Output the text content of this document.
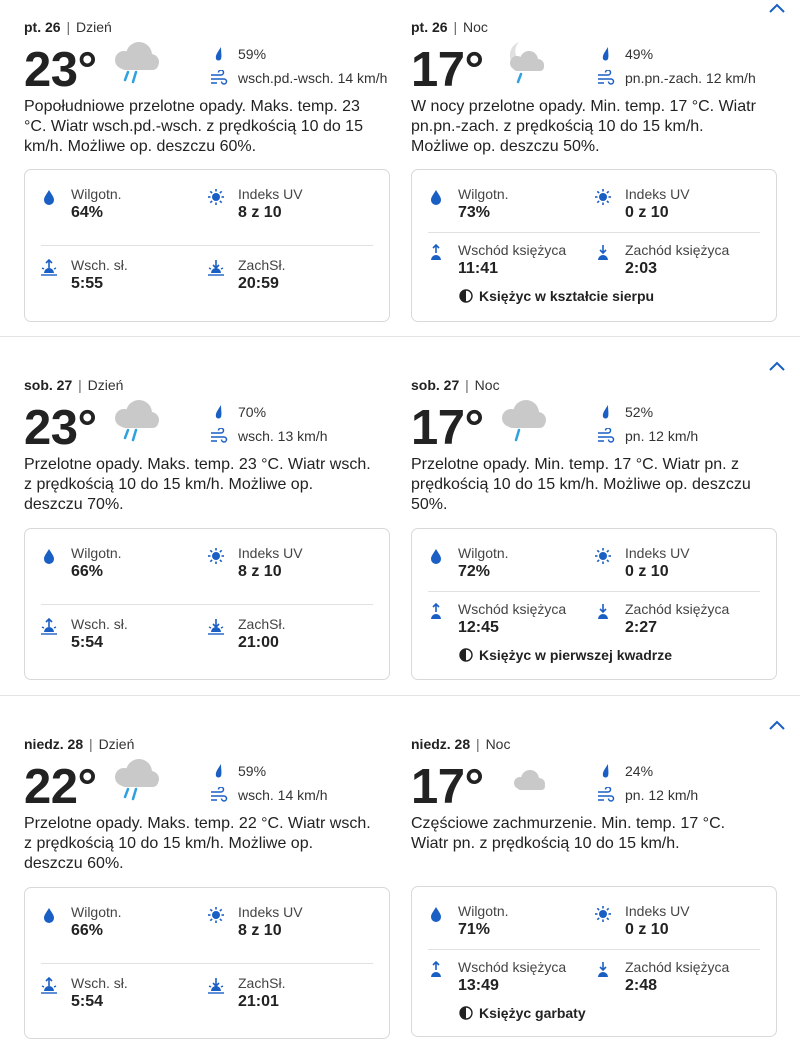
pt. 26 | Dzień
23°	59%
wsch.pd.-wsch. 14 km/h
Popołudniowe przelotne opady. Maks. temp. 23 °C. Wiatr wsch.pd.-wsch. z prędkością 10 do 15 km/h. Możliwe op. deszczu 60%.
Wilgotn.
64%
Indeks UV
8 z 10
Wsch. sł.
5:55
ZachSł.
20:59
pt. 26 | Noc
17°	49%
pn.pn.-zach. 12 km/h
W nocy przelotne opady. Min. temp. 17 °C. Wiatr pn.pn.-zach. z prędkością 10 do 15 km/h. Możliwe op. deszczu 50%.
Wilgotn.
73%
Indeks UV
0 z 10
Wschód księżyca
11:41
Zachód księżyca
2:03
Księżyc w kształcie sierpu
sob. 27 | Dzień
23°	70%
wsch. 13 km/h
Przelotne opady. Maks. temp. 23 °C. Wiatr wsch. z prędkością 10 do 15 km/h. Możliwe op. deszczu 70%.
Wilgotn.
66%
Indeks UV
8 z 10
Wsch. sł.
5:54
ZachSł.
21:00
sob. 27 | Noc
17°	52%
pn. 12 km/h
Przelotne opady. Min. temp. 17 °C. Wiatr pn. z prędkością 10 do 15 km/h. Możliwe op. deszczu 50%.
Wilgotn.
72%
Indeks UV
0 z 10
Wschód księżyca
12:45
Zachód księżyca
2:27
Księżyc w pierwszej kwadrze
niedz. 28 | Dzień
22°	59%
wsch. 14 km/h
Przelotne opady. Maks. temp. 22 °C. Wiatr wsch. z prędkością 10 do 15 km/h. Możliwe op. deszczu 60%.
Wilgotn.
66%
Indeks UV
8 z 10
Wsch. sł.
5:54
ZachSł.
21:01
niedz. 28 | Noc
17°	24%
pn. 12 km/h
Częściowe zachmurzenie. Min. temp. 17 °C. Wiatr pn. z prędkością 10 do 15 km/h.
Wilgotn.
71%
Indeks UV
0 z 10
Wschód księżyca
13:49
Zachód księżyca
2:48
Księżyc garbaty
